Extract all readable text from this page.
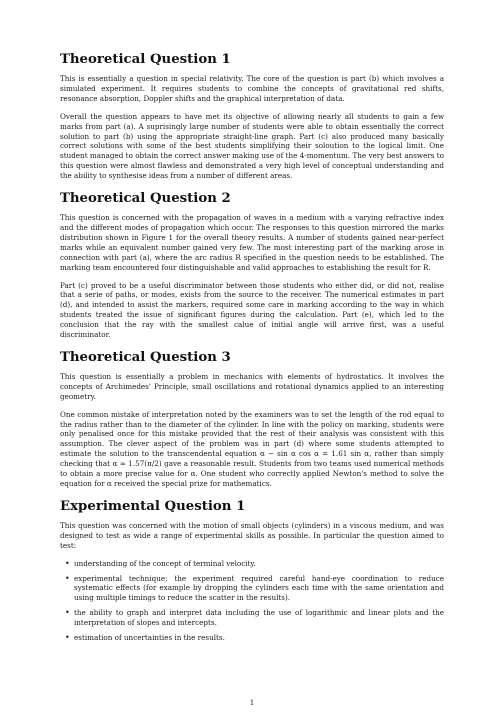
Theoretical Question 1

This is essentially a question in special relativity. The core of the question is part (b) which involves a simulated experiment. It requires students to combine the concepts of gravitational red shifts, resonance absorption, Doppler shifts and the graphical interpretation of data.

Overall the question appears to have met its objective of allowing nearly all students to gain a few marks from part (a). A suprisingly large number of students were able to obtain essentially the correct solution to part (b) using the appropriate straight-line graph. Part (c) also produced many basically correct solutions with some of the best students simplifying their soloution to the logical limit. One student managed to obtain the correct answer making use of the 4-momentum. The very best answers to this question were almost flawless and demonstrated a very high level of conceptual understanding and the ability to synthesise ideas from a number of different areas.

Theoretical Question 2

This question is concerned with the propagation of waves in a medium with a varying refractive index and the different modes of propagation which occur. The responses to this question mirrored the marks distribution shown in Figure 1 for the overall theory results. A number of students gained near-perfect marks while an equivalent number gained very few. The most interesting part of the marking arose in connection with part (a), where the arc radius R specified in the question needs to be established. The marking team encountered four distinguishable and valid approaches to establishing the result for R.

Part (c) proved to be a useful discriminator between those students who either did, or did not, realise that a serie of paths, or modes, exists from the source to the receiver. The numerical estimates in part (d), and intended to assist the markers, required some care in marking according to the way in which students treated the issue of significant figures during the calculation. Part (e), which led to the conclusion that the ray with the smallest calue of initial angle will arrive first, was a useful discriminator.

Theoretical Question 3

This question is essentially a problem in mechanics with elements of hydrostatics. It involves the concepts of Archimedes' Principle, small oscillations and rotational dynamics applied to an interesting geometry.

One common mistake of interpretation noted by the examiners was to set the length of the rod equal to the radius rather than to the diameter of the cylinder. In line with the policy on marking, students were only penalised once for this mistake provided that the rest of their analysis was consistent with this assumption. The clever aspect of the problem was in part (d) where some students attempted to estimate the solution to the transcendental equation α − sin α cos α = 1.61 sin α, rather than simply checking that α ≈ 1.57(π/2) gave a reasonable result. Students from two teams used numerical methods to obtain a more precise value for α. One student who correctly applied Newton's method to solve the equation for α received the special prize for mathematics.

Experimental Question 1

This question was concerned with the motion of small objects (cylinders) in a viscous medium, and was designed to test as wide a range of experimental skills as possible. In particular the question aimed to test:

• understanding of the concept of terminal velocity.
• experimental technique; the experiment required careful hand-eye coordination to reduce systematic effects (for example by dropping the cylinders each time with the same orientation and using multiple timings to reduce the scatter in the results).
• the ability to graph and interpret data including the use of logarithmic and linear plots and the interpretation of slopes and intercepts.
• estimation of uncertainties in the results.
1
